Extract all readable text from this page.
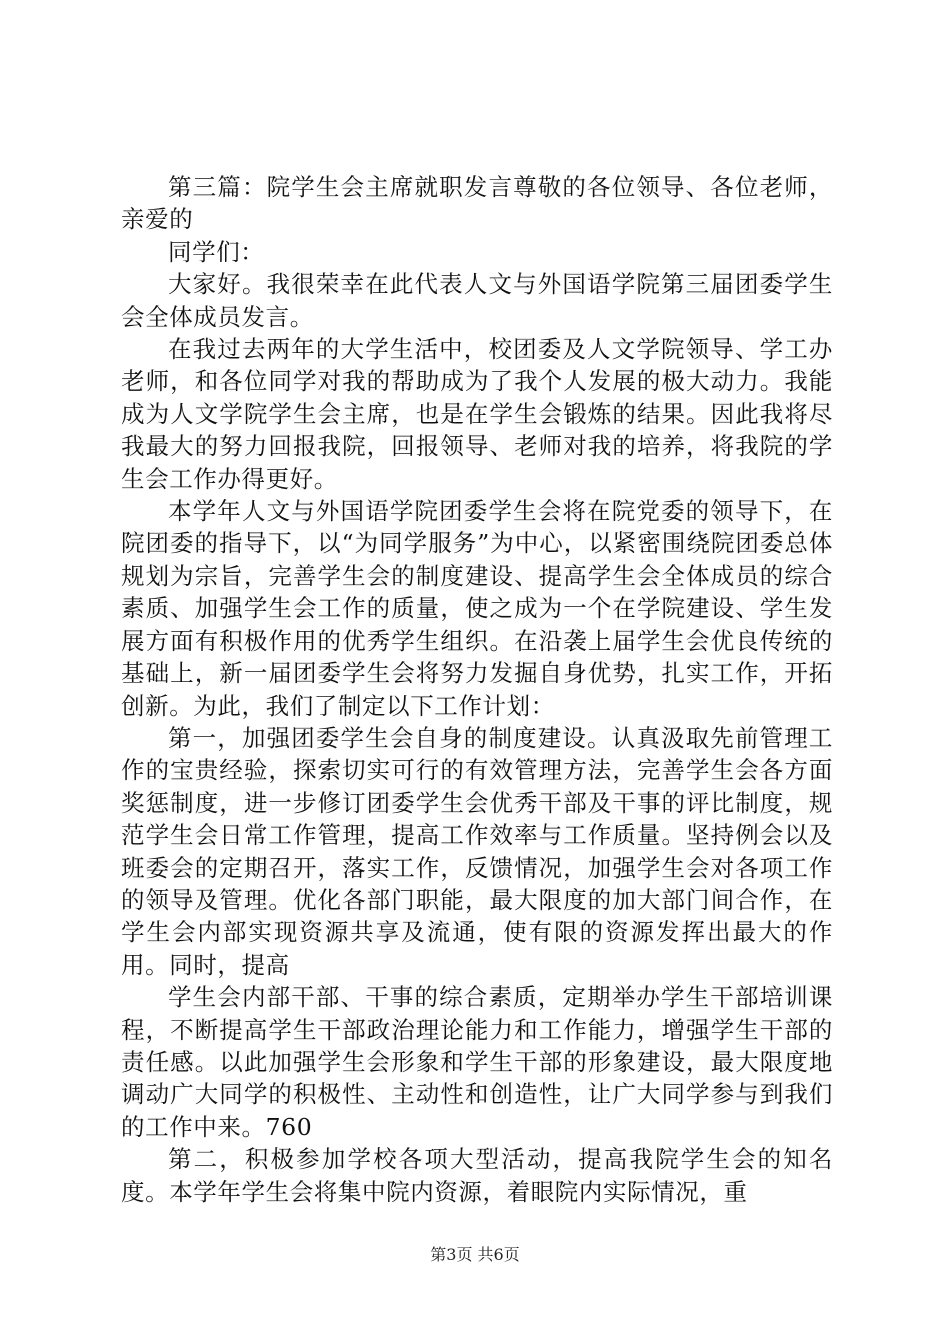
第三篇：院学生会主席就职发言尊敬的各位领导、各位老师，亲爱的

同学们：

大家好。我很荣幸在此代表人文与外国语学院第三届团委学生会全体成员发言。

在我过去两年的大学生活中，校团委及人文学院领导、学工办老师，和各位同学对我的帮助成为了我个人发展的极大动力。我能成为人文学院学生会主席，也是在学生会锻炼的结果。因此我将尽我最大的努力回报我院，回报领导、老师对我的培养，将我院的学生会工作办得更好。

本学年人文与外国语学院团委学生会将在院党委的领导下，在院团委的指导下，以“为同学服务”为中心，以紧密围绕院团委总体规划为宗旨，完善学生会的制度建设、提高学生会全体成员的综合素质、加强学生会工作的质量，使之成为一个在学院建设、学生发展方面有积极作用的优秀学生组织。在沿袭上届学生会优良传统的基础上，新一届团委学生会将努力发掘自身优势，扎实工作，开拓创新。为此，我们了制定以下工作计划：

第一，加强团委学生会自身的制度建设。认真汲取先前管理工作的宝贵经验，探索切实可行的有效管理方法，完善学生会各方面奖惩制度，进一步修订团委学生会优秀干部及干事的评比制度，规范学生会日常工作管理，提高工作效率与工作质量。坚持例会以及班委会的定期召开，落实工作，反馈情况，加强学生会对各项工作的领导及管理。优化各部门职能，最大限度的加大部门间合作，在学生会内部实现资源共享及流通，使有限的资源发挥出最大的作用。同时，提高

学生会内部干部、干事的综合素质，定期举办学生干部培训课程，不断提高学生干部政治理论能力和工作能力，增强学生干部的责任感。以此加强学生会形象和学生干部的形象建设，最大限度地调动广大同学的积极性、主动性和创造性，让广大同学参与到我们的工作中来。760

第二，积极参加学校各项大型活动，提高我院学生会的知名度。本学年学生会将集中院内资源，着眼院内实际情况，重

第3页 共6页
